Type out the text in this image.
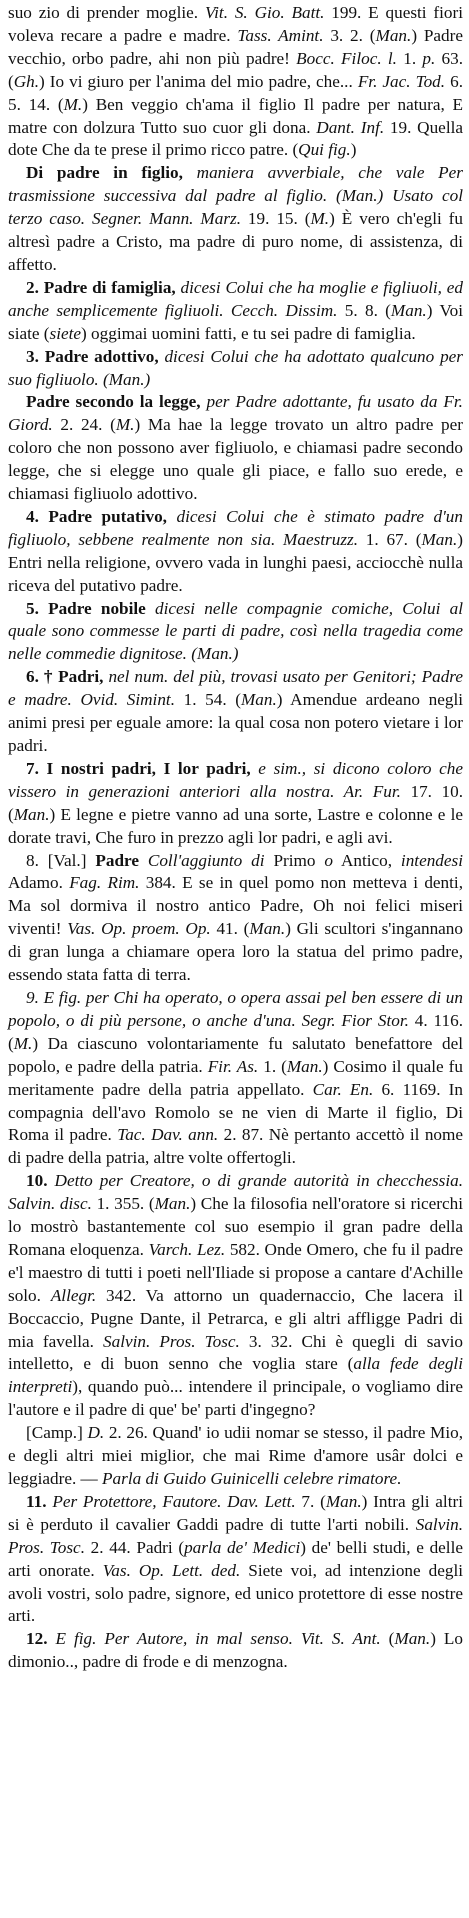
suo zio di prender moglie. Vit. S. Gio. Batt. 199. E questi fiori voleva recare a padre e madre. Tass. Amint. 3. 2. (Man.) Padre vecchio, orbo padre, ahi non più padre! Bocc. Filoc. l. 1. p. 63. (Gh.) Io vi giuro per l'anima del mio padre, che... Fr. Jac. Tod. 6. 5. 14. (M.) Ben veggio ch'ama il figlio Il padre per natura, E matre con dolzura Tutto suo cuor gli dona. Dant. Inf. 19. Quella dote Che da te prese il primo ricco patre. (Qui fig.)

Di padre in figlio, maniera avverbiale, che vale Per trasmissione successiva dal padre al figlio. (Man.) Usato col terzo caso. Segner. Mann. Marz. 19. 15. (M.) È vero ch'egli fu altresì padre a Cristo, ma padre di puro nome, di assistenza, di affetto.

2. Padre di famiglia, dicesi Colui che ha moglie e figliuoli, ed anche semplicemente figliuoli. Cecch. Dissim. 5. 8. (Man.) Voi siate (siete) oggimai uomini fatti, e tu sei padre di famiglia.

3. Padre adottivo, dicesi Colui che ha adottato qualcuno per suo figliuolo. (Man.)

Padre secondo la legge, per Padre adottante, fu usato da Fr. Giord. 2. 24. (M.) Ma hae la legge trovato un altro padre per coloro che non possono aver figliuolo, e chiamasi padre secondo legge, che si elegge uno quale gli piace, e fallo suo erede, e chiamasi figliuolo adottivo.

4. Padre putativo, dicesi Colui che è stimato padre d'un figliuolo, sebbene realmente non sia. Maestruzz. 1. 67. (Man.) Entri nella religione, ovvero vada in lunghi paesi, acciocchè nulla riceva del putativo padre.

5. Padre nobile dicesi nelle compagnie comiche, Colui al quale sono commesse le parti di padre, così nella tragedia come nelle commedie dignitose. (Man.)

6. † Padri, nel num. del più, trovasi usato per Genitori; Padre e madre. Ovid. Simint. 1. 54. (Man.) Amendue ardeano negli animi presi per eguale amore: la qual cosa non potero vietare i lor padri.

7. I nostri padri, I lor padri, e sim., si dicono coloro che vissero in generazioni anteriori alla nostra. Ar. Fur. 17. 10. (Man.) E legne e pietre vanno ad una sorte, Lastre e colonne e le dorate travi, Che furo in prezzo agli lor padri, e agli avi.

8. [Val.] Padre Coll'aggiunto di Primo o Antico, intendesi Adamo. Fag. Rim. 384. E se in quel pomo non metteva i denti, Ma sol dormiva il nostro antico Padre, Oh noi felici miseri viventi! Vas. Op. proem. Op. 41. (Man.) Gli scultori s'ingannano di gran lunga a chiamare opera loro la statua del primo padre, essendo stata fatta di terra.

9. E fig. per Chi ha operato, o opera assai pel ben essere di un popolo, o di più persone, o anche d'una. Segr. Fior Stor. 4. 116. (M.) Da ciascuno volontariamente fu salutato benefattore del popolo, e padre della patria. Fir. As. 1. (Man.) Cosimo il quale fu meritamente padre della patria appellato. Car. En. 6. 1169. In compagnia dell'avo Romolo se ne vien di Marte il figlio, Di Roma il padre. Tac. Dav. ann. 2. 87. Nè pertanto accettò il nome di padre della patria, altre volte offertogli.

10. Detto per Creatore, o di grande autorità in checchessia. Salvin. disc. 1. 355. (Man.) Che la filosofia nell'oratore si ricerchi lo mostrò bastantemente col suo esempio il gran padre della Romana eloquenza. Varch. Lez. 582. Onde Omero, che fu il padre e'l maestro di tutti i poeti nell'Iliade si propose a cantare d'Achille solo. Allegr. 342. Va attorno un quadernaccio, Che lacera il Boccaccio, Pugne Dante, il Petrarca, e gli altri affligge Padri di mia favella. Salvin. Pros. Tosc. 3. 32. Chi è quegli di savio intelletto, e di buon senno che voglia stare (alla fede degli interpreti), quando può... intendere il principale, o vogliamo dire l'autore e il padre di que' be' parti d'ingegno?

[Camp.] D. 2. 26. Quand' io udii nomar se stesso, il padre Mio, e degli altri miei miglior, che mai Rime d'amore usâr dolci e leggiadre. — Parla di Guido Guinicelli celebre rimatore.

11. Per Protettore, Fautore. Dav. Lett. 7. (Man.) Intra gli altri si è perduto il cavalier Gaddi padre di tutte l'arti nobili. Salvin. Pros. Tosc. 2. 44. Padri (parla de' Medici) de' belli studi, e delle arti onorate. Vas. Op. Lett. ded. Siete voi, ad intenzione degli avoli vostri, solo padre, signore, ed unico protettore di esse nostre arti.

12. E fig. Per Autore, in mal senso. Vit. S. Ant. (Man.) Lo dimonio.., padre di frode e di menzogna.
